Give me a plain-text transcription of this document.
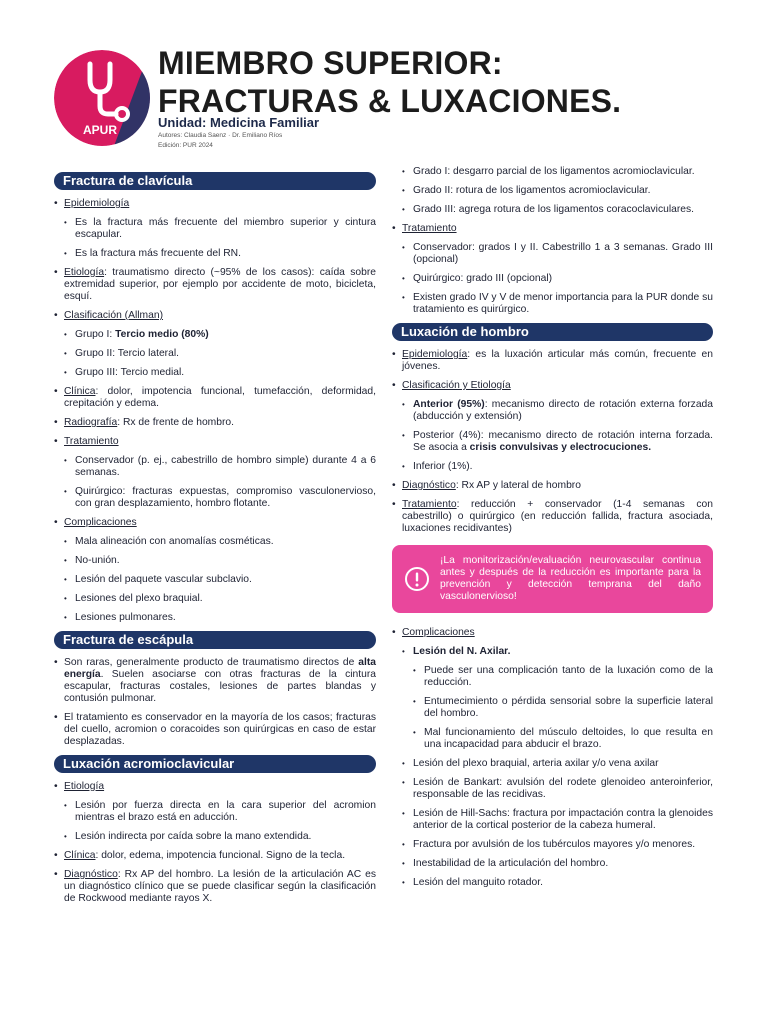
APUR
MIEMBRO SUPERIOR:
FRACTURAS & LUXACIONES.
Unidad: Medicina Familiar
Autores: Claudia Saenz · Dr. Emiliano Ríos
Edición: PUR 2024
Fractura de clavícula
• Epidemiología
• Es la fractura más frecuente del miembro superior y cintura escapular.
• Es la fractura más frecuente del RN.
• Etiología: traumatismo directo (~95% de los casos): caída sobre extremidad superior, por ejemplo por accidente de moto, bicicleta, esquí.
• Clasificación (Allman)
• Grupo I: Tercio medio (80%)
• Grupo II: Tercio lateral.
• Grupo III: Tercio medial.
• Clínica: dolor, impotencia funcional, tumefacción, deformidad, crepitación y edema.
• Radiografía: Rx de frente de hombro.
• Tratamiento
• Conservador (p. ej., cabestrillo de hombro simple) durante 4 a 6 semanas.
• Quirúrgico: fracturas expuestas, compromiso vasculonervioso, con gran desplazamiento, hombro flotante.
• Complicaciones
• Mala alineación con anomalías cosméticas.
• No-unión.
• Lesión del paquete vascular subclavio.
• Lesiones del plexo braquial.
• Lesiones pulmonares.
Fractura de escápula
• Son raras, generalmente producto de traumatismo directos de alta energía. Suelen asociarse con otras fracturas de la cintura escapular, fracturas costales, lesiones de partes blandas y contusión pulmonar.
• El tratamiento es conservador en la mayoría de los casos; fracturas del cuello, acromion o coracoides son quirúrgicas en caso de estar desplazadas.
Luxación acromioclavicular
• Etiología
• Lesión por fuerza directa en la cara superior del acromion mientras el brazo está en aducción.
• Lesión indirecta por caída sobre la mano extendida.
• Clínica: dolor, edema, impotencia funcional. Signo de la tecla.
• Diagnóstico: Rx AP del hombro. La lesión de la articulación AC es un diagnóstico clínico que se puede clasificar según la clasificación de Rockwood mediante rayos X.
• Grado I: desgarro parcial de los ligamentos acromioclavicular.
• Grado II: rotura de los ligamentos acromioclavicular.
• Grado III: agrega rotura de los ligamentos coracoclaviculares.
• Tratamiento
• Conservador: grados I y II. Cabestrillo 1 a 3 semanas. Grado III (opcional)
• Quirúrgico: grado III (opcional)
• Existen grado IV y V de menor importancia para la PUR donde su tratamiento es quirúrgico.
Luxación de hombro
• Epidemiología: es la luxación articular más común, frecuente en jóvenes.
• Clasificación y Etiología
• Anterior (95%): mecanismo directo de rotación externa forzada (abducción y extensión)
• Posterior (4%): mecanismo directo de rotación interna forzada. Se asocia a crisis convulsivas y electrocuciones.
• Inferior (1%).
• Diagnóstico: Rx AP y lateral de hombro
• Tratamiento: reducción + conservador (1-4 semanas con cabestrillo) o quirúrgico (en reducción fallida, fractura asociada, luxaciones recidivantes)
¡La monitorización/evaluación neurovascular continua antes y después de la reducción es importante para la prevención y detección temprana del daño vasculonervioso!
• Complicaciones
• Lesión del N. Axilar.
• Puede ser una complicación tanto de la luxación como de la reducción.
• Entumecimiento o pérdida sensorial sobre la superficie lateral del hombro.
• Mal funcionamiento del músculo deltoides, lo que resulta en una incapacidad para abducir el brazo.
• Lesión del plexo braquial, arteria axilar y/o vena axilar
• Lesión de Bankart: avulsión del rodete glenoideo anteroinferior, responsable de las recidivas.
• Lesión de Hill-Sachs: fractura por impactación contra la glenoides anterior de la cortical posterior de la cabeza humeral.
• Fractura por avulsión de los tubérculos mayores y/o menores.
• Inestabilidad de la articulación del hombro.
• Lesión del manguito rotador.
